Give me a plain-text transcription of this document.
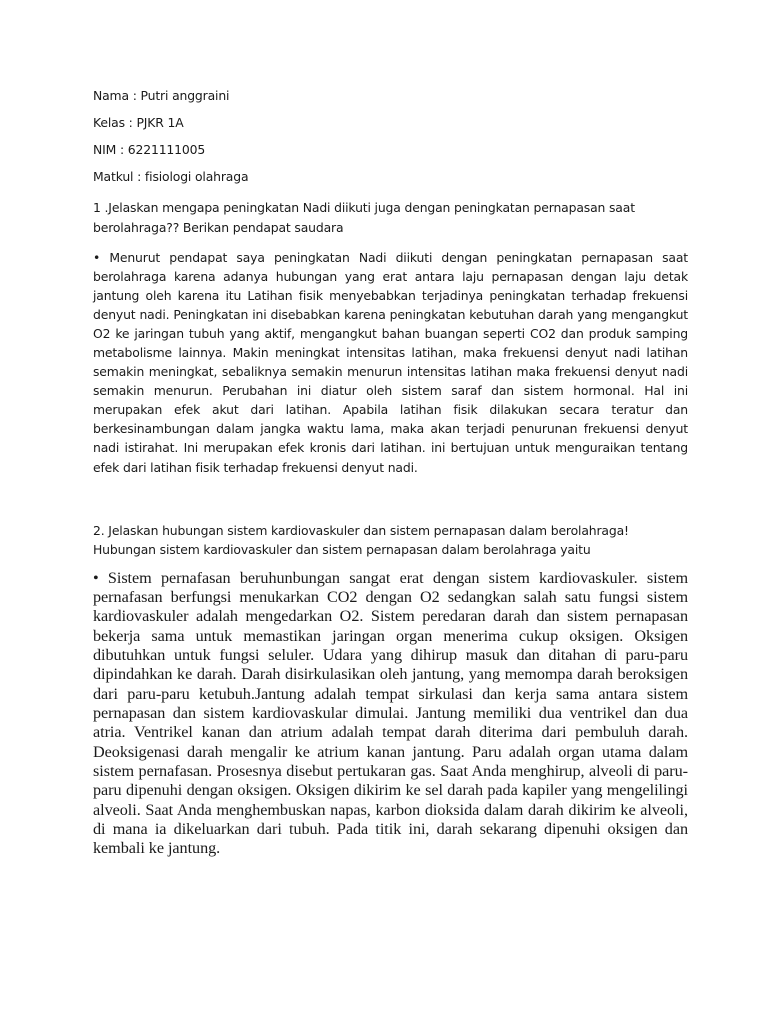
Nama : Putri anggraini

Kelas : PJKR 1A

NIM : 6221111005

Matkul : fisiologi olahraga

1 .Jelaskan mengapa peningkatan Nadi diikuti juga dengan peningkatan pernapasan saat berolahraga?? Berikan pendapat saudara

• Menurut pendapat saya peningkatan Nadi diikuti dengan peningkatan pernapasan saat berolahraga karena adanya hubungan yang erat antara laju pernapasan dengan laju detak jantung oleh karena itu Latihan fisik menyebabkan terjadinya peningkatan terhadap frekuensi denyut nadi. Peningkatan ini disebabkan karena peningkatan kebutuhan darah yang mengangkut O2 ke jaringan tubuh yang aktif, mengangkut bahan buangan seperti CO2 dan produk samping metabolisme lainnya. Makin meningkat intensitas latihan, maka frekuensi denyut nadi latihan semakin meningkat, sebaliknya semakin menurun intensitas latihan maka frekuensi denyut nadi semakin menurun. Perubahan ini diatur oleh sistem saraf dan sistem hormonal. Hal ini merupakan efek akut dari latihan. Apabila latihan fisik dilakukan secara teratur dan berkesinambungan dalam jangka waktu lama, maka akan terjadi penurunan frekuensi denyut nadi istirahat. Ini merupakan efek kronis dari latihan. ini bertujuan untuk menguraikan tentang efek dari latihan fisik terhadap frekuensi denyut nadi.

2. Jelaskan hubungan sistem kardiovaskuler dan sistem pernapasan dalam berolahraga!
Hubungan sistem kardiovaskuler dan sistem pernapasan dalam berolahraga yaitu

• Sistem pernafasan beruhunbungan sangat erat dengan sistem kardiovaskuler. sistem pernafasan berfungsi menukarkan CO2 dengan O2 sedangkan salah satu fungsi sistem kardiovaskuler adalah mengedarkan O2. Sistem peredaran darah dan sistem pernapasan bekerja sama untuk memastikan jaringan organ menerima cukup oksigen. Oksigen dibutuhkan untuk fungsi seluler. Udara yang dihirup masuk dan ditahan di paru-paru dipindahkan ke darah. Darah disirkulasikan oleh jantung, yang memompa darah beroksigen dari paru-paru ketubuh.Jantung adalah tempat sirkulasi dan kerja sama antara sistem pernapasan dan sistem kardiovaskular dimulai. Jantung memiliki dua ventrikel dan dua atria. Ventrikel kanan dan atrium adalah tempat darah diterima dari pembuluh darah. Deoksigenasi darah mengalir ke atrium kanan jantung. Paru adalah organ utama dalam sistem pernafasan. Prosesnya disebut pertukaran gas. Saat Anda menghirup, alveoli di paru-paru dipenuhi dengan oksigen. Oksigen dikirim ke sel darah pada kapiler yang mengelilingi alveoli. Saat Anda menghembuskan napas, karbon dioksida dalam darah dikirim ke alveoli, di mana ia dikeluarkan dari tubuh. Pada titik ini, darah sekarang dipenuhi oksigen dan kembali ke jantung.
